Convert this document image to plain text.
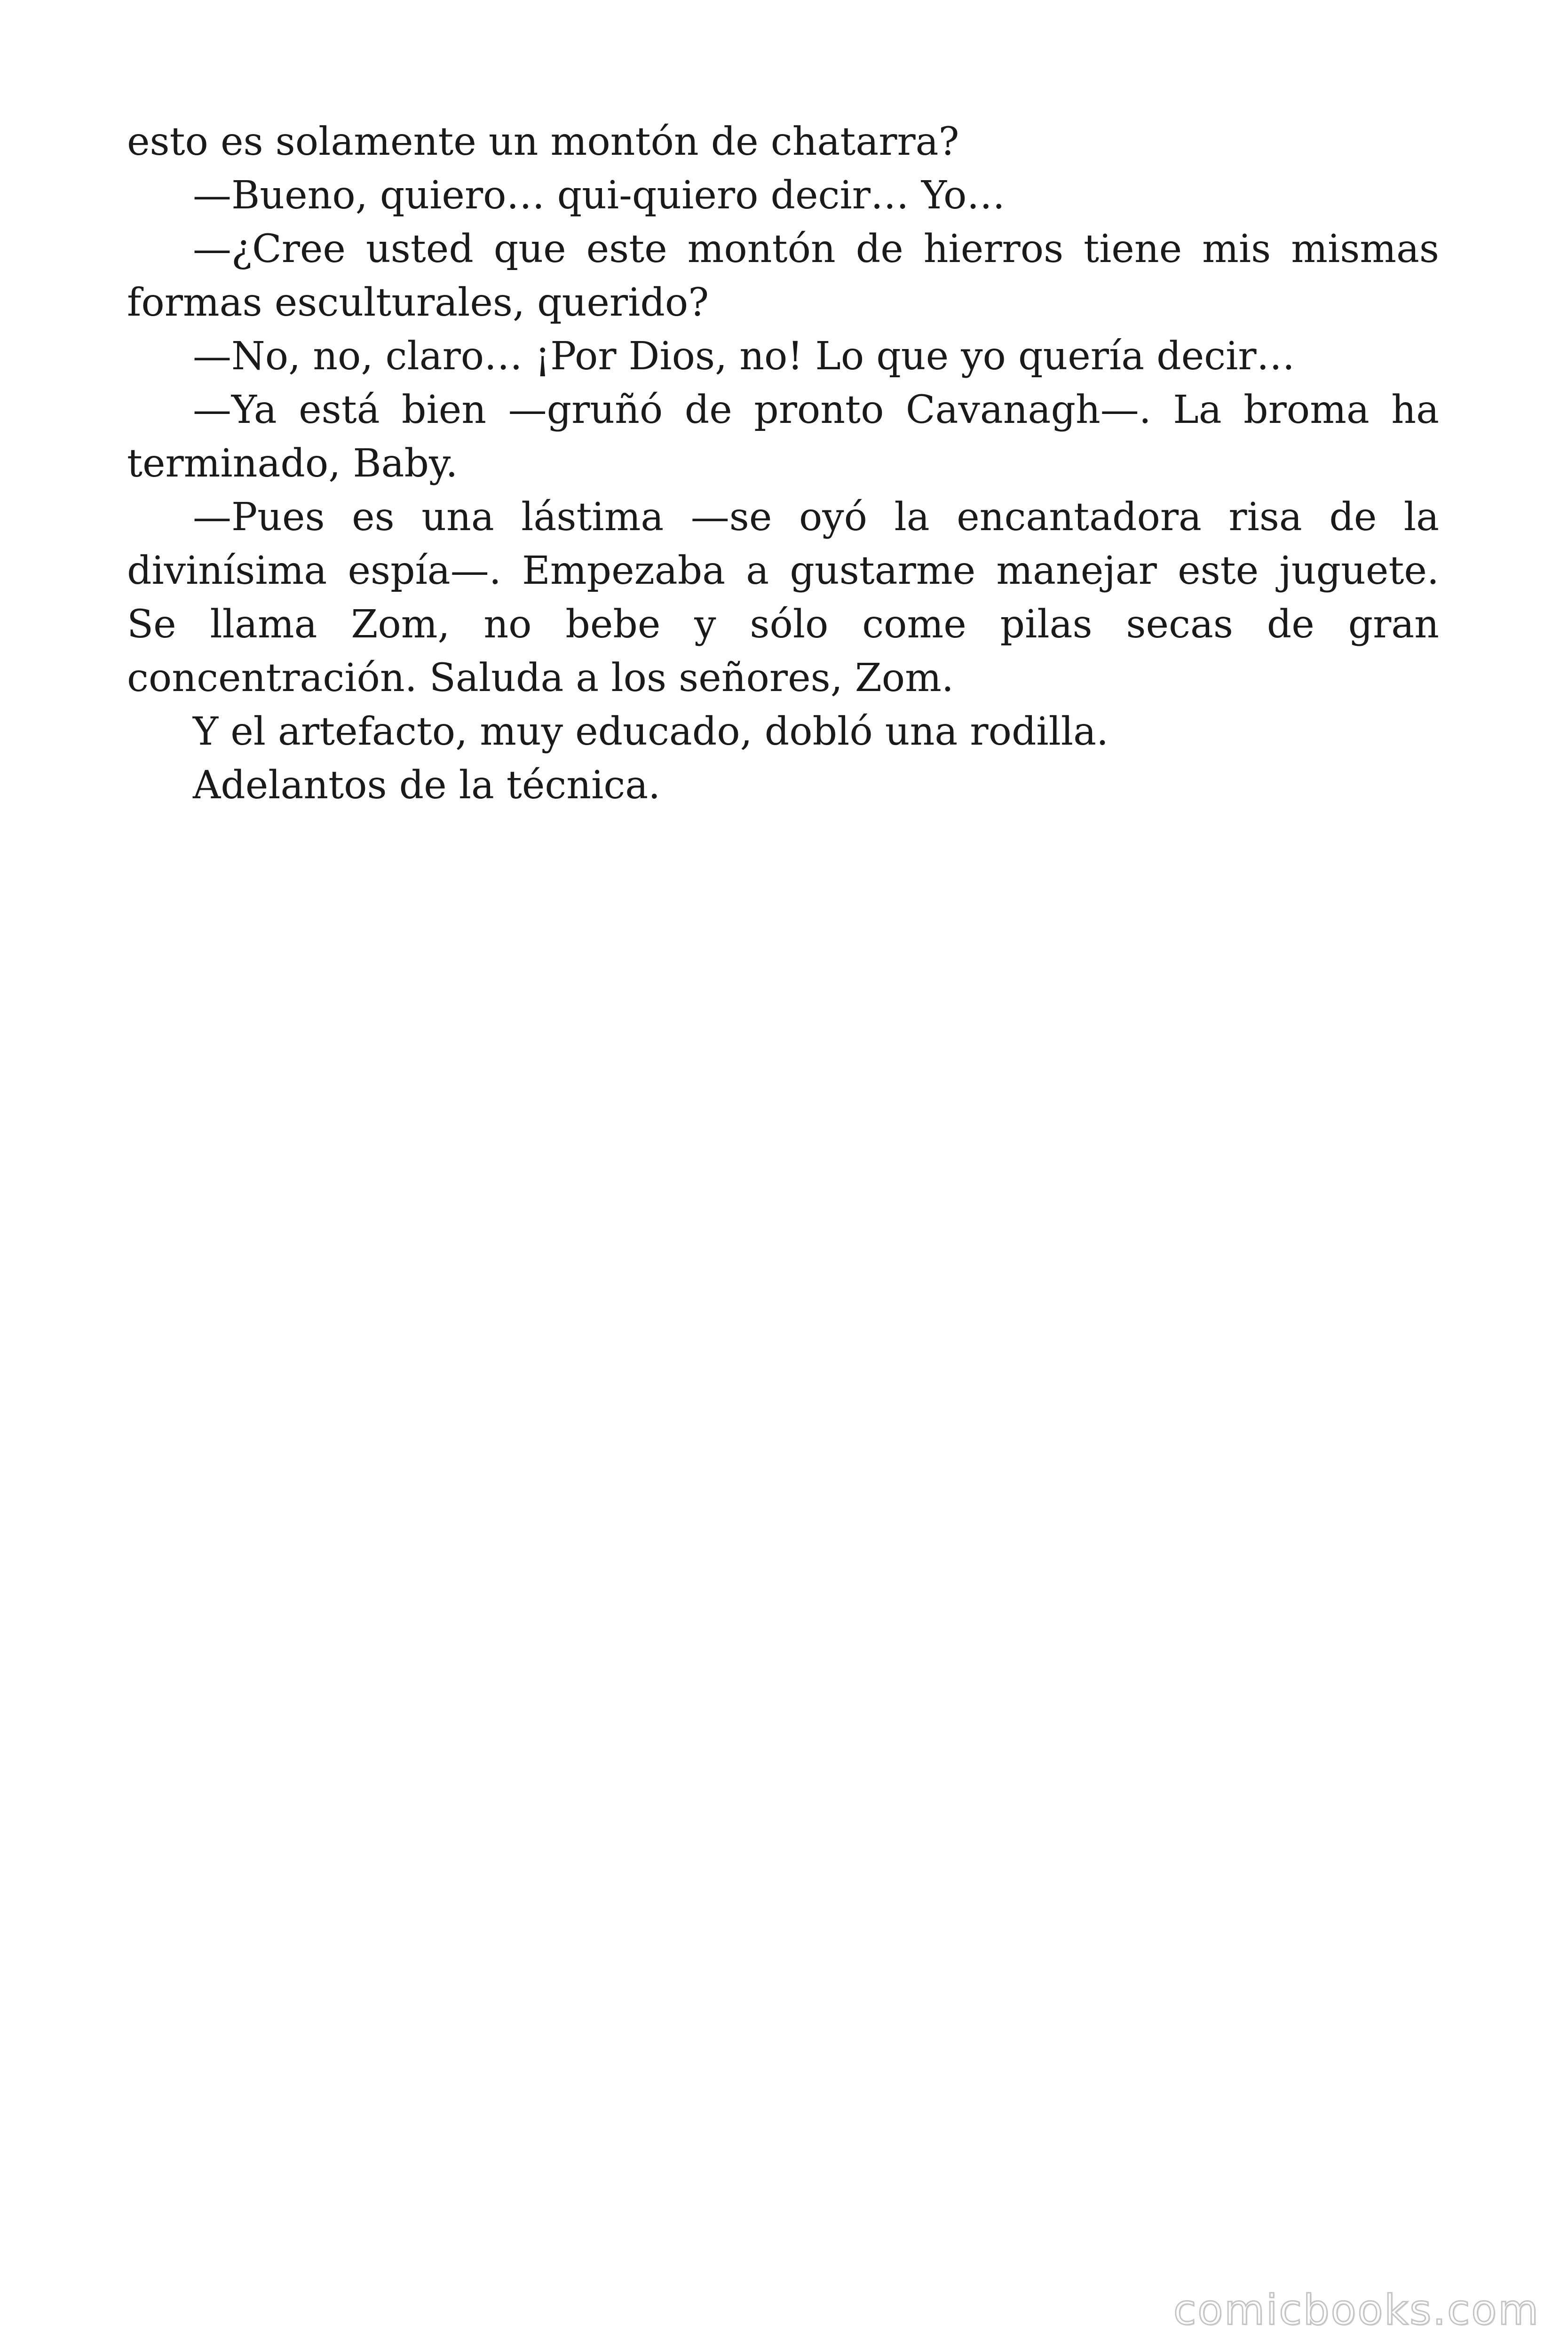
esto es solamente un montón de chatarra?

—Bueno, quiero… qui-quiero decir… Yo…

—¿Cree usted que este montón de hierros tiene mis mismas formas esculturales, querido?

—No, no, claro… ¡Por Dios, no! Lo que yo quería decir…

—Ya está bien —gruñó de pronto Cavanagh—. La broma ha terminado, Baby.

—Pues es una lástima —se oyó la encantadora risa de la divinísima espía—. Empezaba a gustarme manejar este juguete. Se llama Zom, no bebe y sólo come pilas secas de gran concentración. Saluda a los señores, Zom.

Y el artefacto, muy educado, dobló una rodilla.

Adelantos de la técnica.

comicbooks.com
